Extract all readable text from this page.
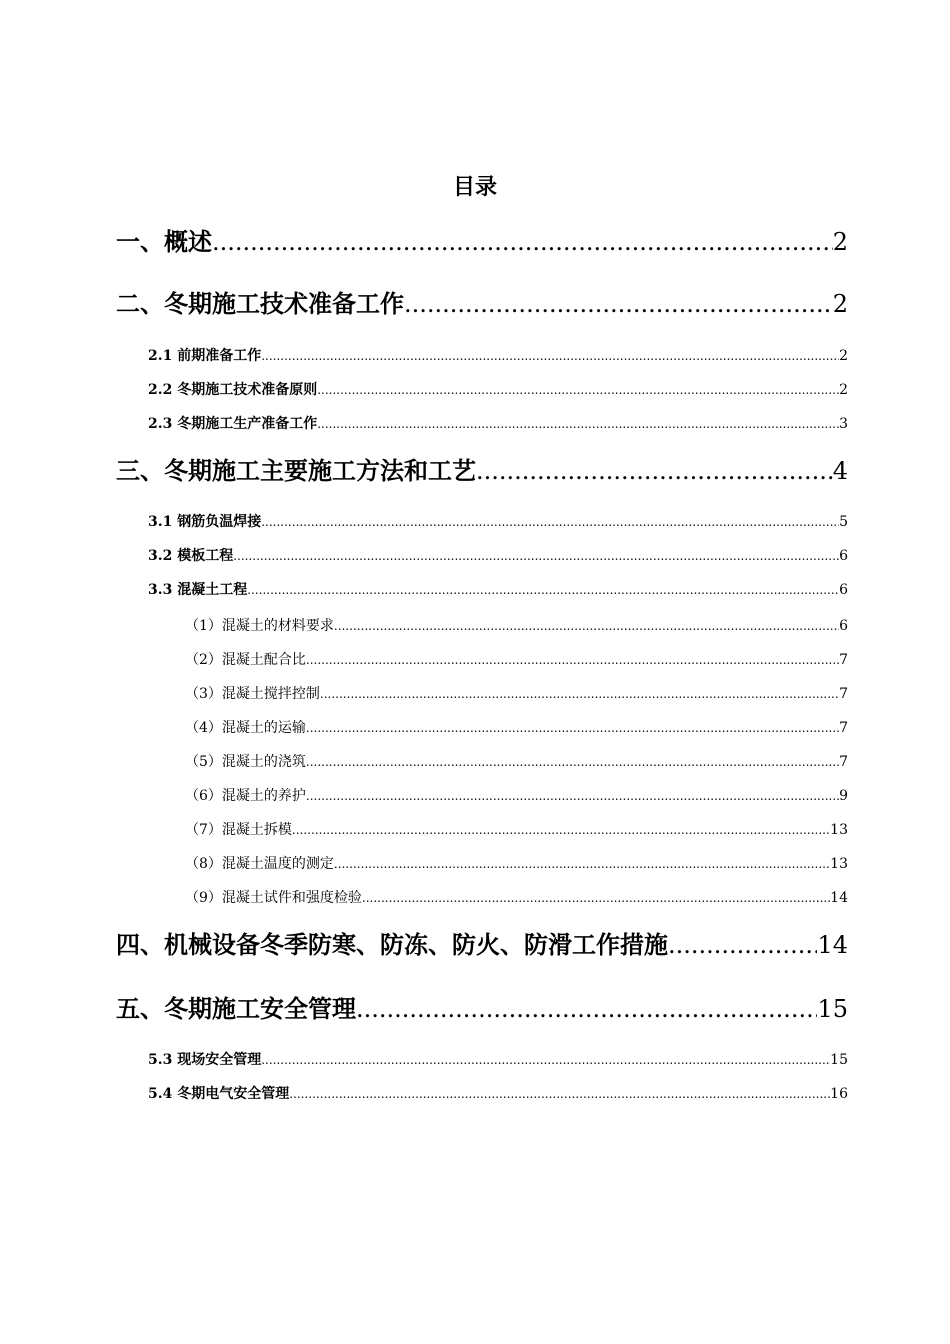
目录
一、概述 .....	2
二、冬期施工技术准备工作 .....	2
2.1 前期准备工作 .....	2
2.2 冬期施工技术准备原则 .....	2
2.3 冬期施工生产准备工作 .....	3
三、冬期施工主要施工方法和工艺 .....	4
3.1 钢筋负温焊接 .....	5
3.2 模板工程 .....	6
3.3 混凝土工程 .....	6
（1）混凝土的材料要求 .....	6
（2）混凝土配合比 .....	7
（3）混凝土搅拌控制 .....	7
（4）混凝土的运输 .....	7
（5）混凝土的浇筑 .....	7
（6）混凝土的养护 .....	9
（7）混凝土拆模 .....	13
（8）混凝土温度的测定 .....	13
（9）混凝土试件和强度检验 .....	14
四、机械设备冬季防寒、防冻、防火、防滑工作措施 .....	14
五、冬期施工安全管理 .....	15
5.3 现场安全管理 .....	15
5.4 冬期电气安全管理 .....	16
